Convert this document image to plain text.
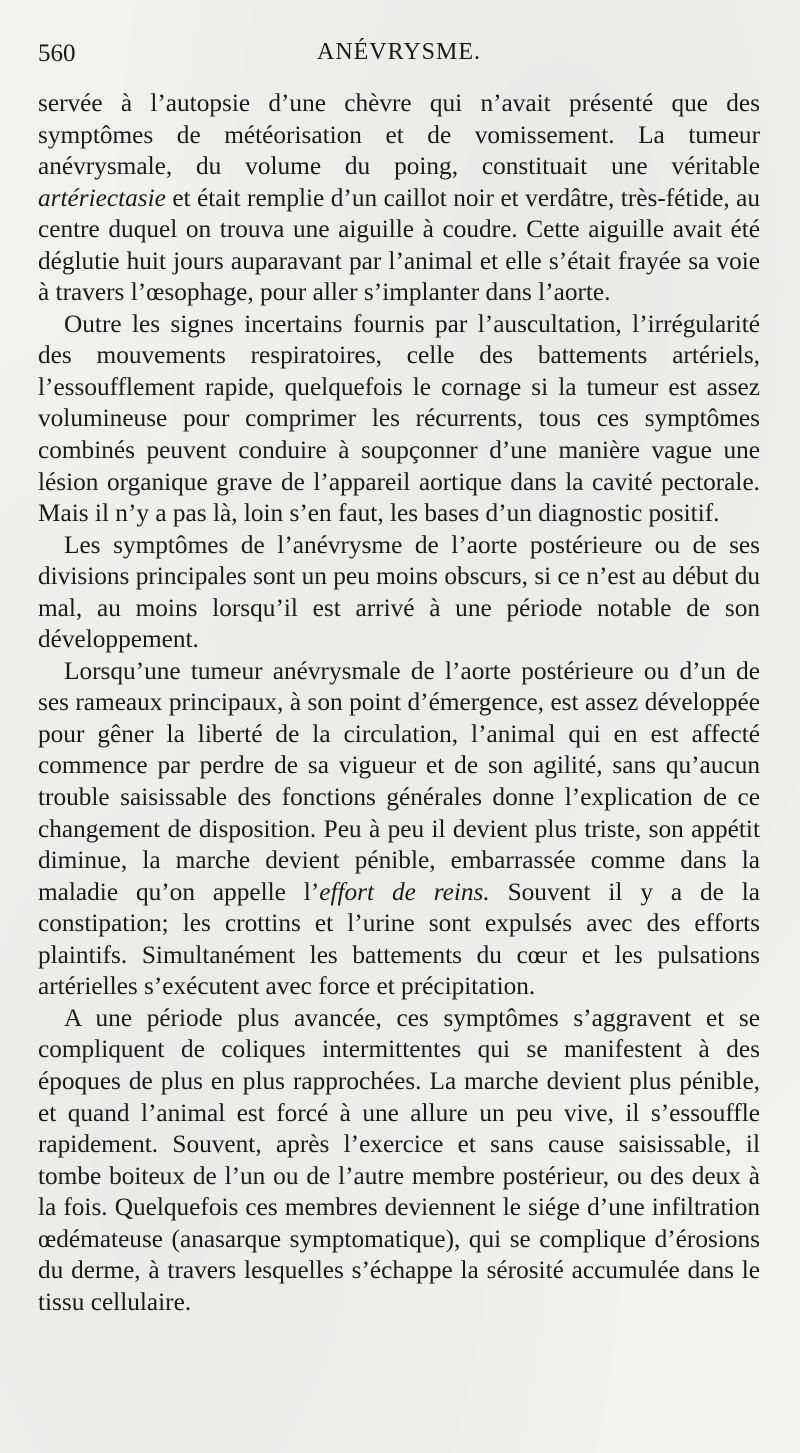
560	ANÉVRYSME.

servée à l’autopsie d’une chèvre qui n’avait présenté que des symptômes de météorisation et de vomissement. La tumeur anévrysmale, du volume du poing, constituait une véritable artériectasie et était remplie d’un caillot noir et verdâtre, très-fétide, au centre duquel on trouva une aiguille à coudre. Cette aiguille avait été déglutie huit jours auparavant par l’animal et elle s’était frayée sa voie à travers l’œsophage, pour aller s’implanter dans l’aorte.

Outre les signes incertains fournis par l’auscultation, l’irrégularité des mouvements respiratoires, celle des battements artériels, l’essoufflement rapide, quelquefois le cornage si la tumeur est assez volumineuse pour comprimer les récurrents, tous ces symptômes combinés peuvent conduire à soupçonner d’une manière vague une lésion organique grave de l’appareil aortique dans la cavité pectorale. Mais il n’y a pas là, loin s’en faut, les bases d’un diagnostic positif.

Les symptômes de l’anévrysme de l’aorte postérieure ou de ses divisions principales sont un peu moins obscurs, si ce n’est au début du mal, au moins lorsqu’il est arrivé à une période notable de son développement.

Lorsqu’une tumeur anévrysmale de l’aorte postérieure ou d’un de ses rameaux principaux, à son point d’émergence, est assez développée pour gêner la liberté de la circulation, l’animal qui en est affecté commence par perdre de sa vigueur et de son agilité, sans qu’aucun trouble saisissable des fonctions générales donne l’explication de ce changement de disposition. Peu à peu il devient plus triste, son appétit diminue, la marche devient pénible, embarrassée comme dans la maladie qu’on appelle l’effort de reins. Souvent il y a de la constipation; les crottins et l’urine sont expulsés avec des efforts plaintifs. Simultanément les battements du cœur et les pulsations artérielles s’exécutent avec force et précipitation.

A une période plus avancée, ces symptômes s’aggravent et se compliquent de coliques intermittentes qui se manifestent à des époques de plus en plus rapprochées. La marche devient plus pénible, et quand l’animal est forcé à une allure un peu vive, il s’essouffle rapidement. Souvent, après l’exercice et sans cause saisissable, il tombe boiteux de l’un ou de l’autre membre postérieur, ou des deux à la fois. Quelquefois ces membres deviennent le siége d’une infiltration œdémateuse (anasarque symptomatique), qui se complique d’érosions du derme, à travers lesquelles s’échappe la sérosité accumulée dans le tissu cellulaire.
